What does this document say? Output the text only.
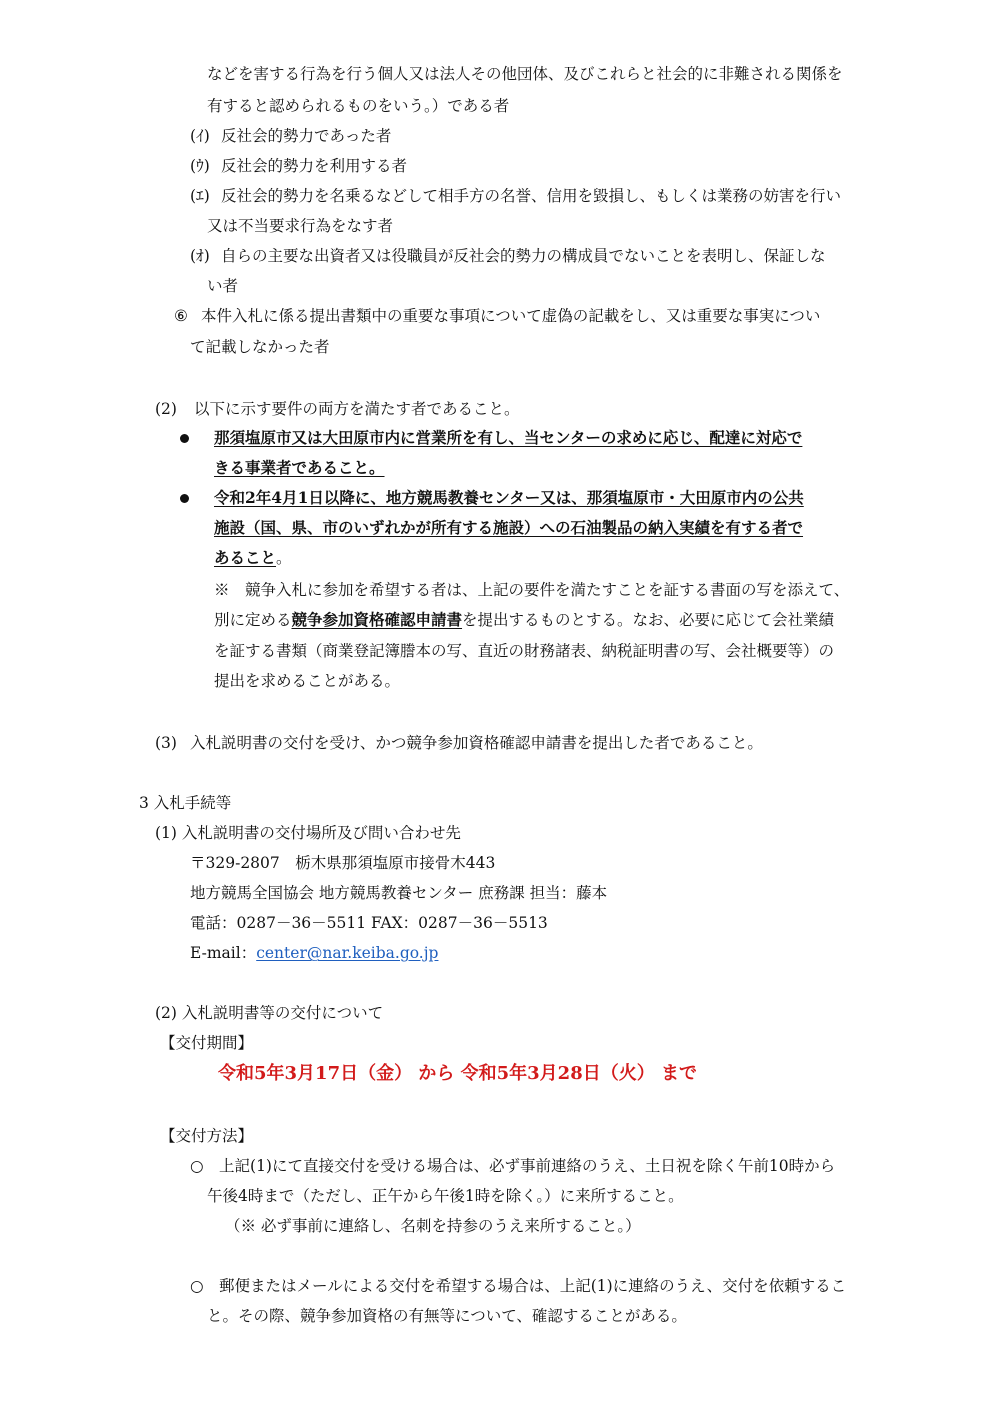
などを害する行為を行う個人又は法人その他団体、及びこれらと社会的に非難される関係を
有すると認められるものをいう。）である者
(ｲ) 反社会的勢力であった者
(ｳ) 反社会的勢力を利用する者
(ｴ) 反社会的勢力を名乗るなどして相手方の名誉、信用を毀損し、もしくは業務の妨害を行い
又は不当要求行為をなす者
(ｵ) 自らの主要な出資者又は役職員が反社会的勢力の構成員でないことを表明し、保証しな
い者
⑥ 本件入札に係る提出書類中の重要な事項について虚偽の記載をし、又は重要な事実につい
て記載しなかった者
(2) 以下に示す要件の両方を満たす者であること。
那須塩原市又は大田原市内に営業所を有し、当センターの求めに応じ、配達に対応で
きる事業者であること。
令和2年4月1日以降に、地方競馬教養センター又は、那須塩原市・大田原市内の公共
施設（国、県、市のいずれかが所有する施設）への石油製品の納入実績を有する者で
あること。
※　競争入札に参加を希望する者は、上記の要件を満たすことを証する書面の写を添えて、
別に定める競争参加資格確認申請書を提出するものとする。なお、必要に応じて会社業績
を証する書類（商業登記簿謄本の写、直近の財務諸表、納税証明書の写、会社概要等）の
提出を求めることがある。
(3) 入札説明書の交付を受け、かつ競争参加資格確認申請書を提出した者であること。
3 入札手続等
(1) 入札説明書の交付場所及び問い合わせ先
〒329-2807　栃木県那須塩原市接骨木443
地方競馬全国協会 地方競馬教養センター 庶務課 担当：藤本
電話：0287－36－5511 FAX：0287－36－5513
E-mail：center@nar.keiba.go.jp
(2) 入札説明書等の交付について
【交付期間】
令和5年3月17日（金） から 令和5年3月28日（火） まで
【交付方法】
○　上記(1)にて直接交付を受ける場合は、必ず事前連絡のうえ、土日祝を除く午前10時から
午後4時まで（ただし、正午から午後1時を除く。）に来所すること。
（※ 必ず事前に連絡し、名刺を持参のうえ来所すること。）
○　郵便またはメールによる交付を希望する場合は、上記(1)に連絡のうえ、交付を依頼するこ
と。その際、競争参加資格の有無等について、確認することがある。
